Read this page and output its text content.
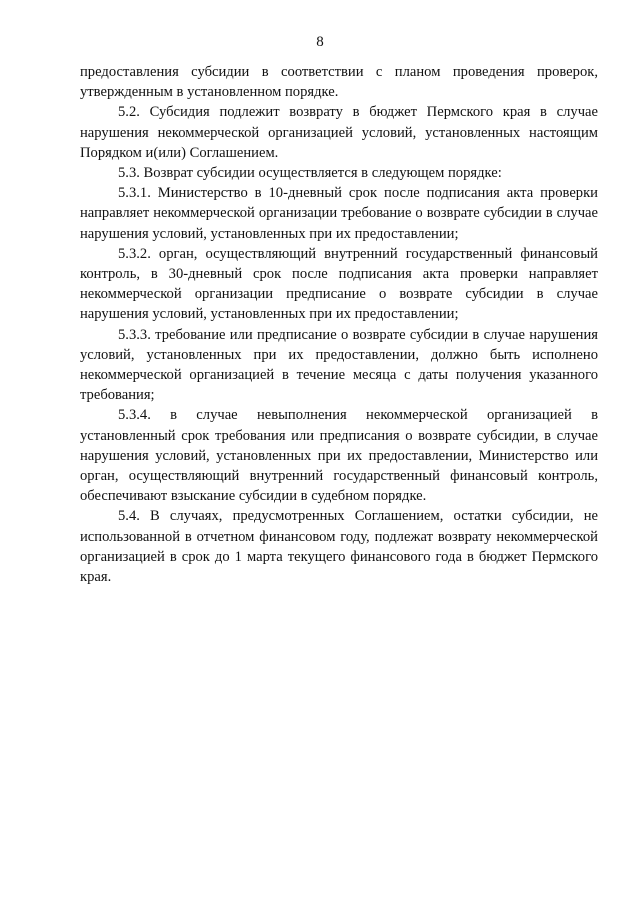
8

предоставления субсидии в соответствии с планом проведения проверок, утвержденным в установленном порядке.

5.2. Субсидия подлежит возврату в бюджет Пермского края в случае нарушения некоммерческой организацией условий, установленных настоящим Порядком и(или) Соглашением.

5.3. Возврат субсидии осуществляется в следующем порядке:

5.3.1. Министерство в 10-дневный срок после подписания акта проверки направляет некоммерческой организации требование о возврате субсидии в случае нарушения условий, установленных при их предоставлении;

5.3.2. орган, осуществляющий внутренний государственный финансовый контроль, в 30-дневный срок после подписания акта проверки направляет некоммерческой организации предписание о возврате субсидии в случае нарушения условий, установленных при их предоставлении;

5.3.3. требование или предписание о возврате субсидии в случае нарушения условий, установленных при их предоставлении, должно быть исполнено некоммерческой организацией в течение месяца с даты получения указанного требования;

5.3.4. в случае невыполнения некоммерческой организацией в установленный срок требования или предписания о возврате субсидии, в случае нарушения условий, установленных при их предоставлении, Министерство или орган, осуществляющий внутренний государственный финансовый контроль, обеспечивают взыскание субсидии в судебном порядке.

5.4. В случаях, предусмотренных Соглашением, остатки субсидии, не использованной в отчетном финансовом году, подлежат возврату некоммерческой организацией в срок до 1 марта текущего финансового года в бюджет Пермского края.
